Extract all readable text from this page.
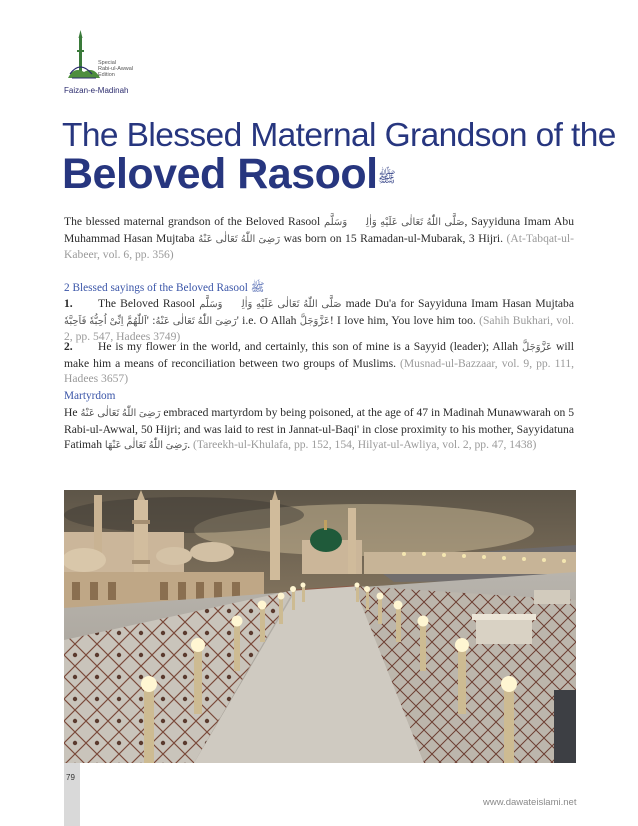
Special
Rabi-ul-Awwal
Edition
Faizan-e-Madinah
The Blessed Maternal Grandson of the
Beloved Rasool$^ﷺ$
The blessed maternal grandson of the Beloved Rasool صَلَّى اللّٰهُ تَعَالٰى عَلَيْهِ وَاٰلِهٖ وَسَلَّم, Sayyiduna Imam Abu Muhammad Hasan Mujtaba رَضِىَ اللّٰهُ تَعَالٰى عَنْهُ was born on 15 Ramadan-ul-Mubarak, 3 Hijri. (At-Tabqat-ul-Kabeer, vol. 6, pp. 356)
2 Blessed sayings of the Beloved Rasool ﷺ
1. The Beloved Rasool صَلَّى اللّٰهُ تَعَالٰى عَلَيْهِ وَاٰلِهٖ وَسَلَّم made Du'a for Sayyiduna Imam Hasan Mujtaba رَضِىَ اللّٰهُ تَعَالٰى عَنْهُ: 'اَللّٰهُمَّ اِنِّىْ اُحِبُّهٗ فَاَحِبَّهٗ	' i.e. O Allah عَزَّوَجَلَّ! I love him, You love him too. (Sahih Bukhari, vol. 2, pp. 547, Hadees 3749)
2. He is my flower in the world, and certainly, this son of mine is a Sayyid (leader); Allah عَزَّوَجَلَّ will make him a means of reconciliation between two groups of Muslims. (Musnad-ul-Bazzaar, vol. 9, pp. 111, Hadees 3657)
Martyrdom
He رَضِىَ اللّٰهُ تَعَالٰى عَنْهُ embraced martyrdom by being poisoned, at the age of 47 in Madinah Munawwarah on 5 Rabi-ul-Awwal, 50 Hijri; and was laid to rest in Jannat-ul-Baqi' in close proximity to his mother, Sayyidatuna Fatimah رَضِىَ اللّٰهُ تَعَالٰى عَنْهَا. (Tareekh-ul-Khulafa, pp. 152, 154, Hilyat-ul-Awliya, vol. 2, pp. 47, 1438)
79
www.dawateislami.net
